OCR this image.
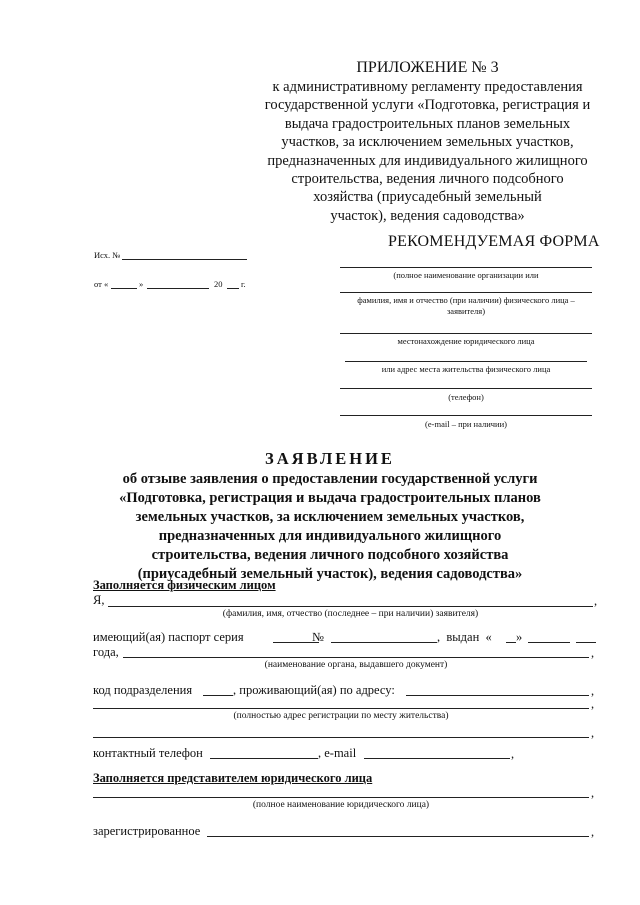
ПРИЛОЖЕНИЕ № 3
к административному регламенту предоставления
государственной услуги «Подготовка, регистрация и
выдача градостроительных планов земельных
участков, за исключением земельных участков,
предназначенных для индивидуального жилищного
строительства, ведения личного подсобного
хозяйства (приусадебный земельный
участок), ведения садоводства»
РЕКОМЕНДУЕМАЯ ФОРМА
Исх. №
от «	»	20 г.
(полное наименование организации или
фамилия, имя и отчество (при наличии) физического лица – заявителя)
местонахождение юридического лица
или адрес места жительства физического лица
(телефон)
(e-mail – при наличии)
ЗАЯВЛЕНИЕ
об отзыве заявления о предоставлении государственной услуги
«Подготовка, регистрация и выдача градостроительных планов
земельных участков, за исключением земельных участков,
предназначенных для индивидуального жилищного
строительства, ведения личного подсобного хозяйства
(приусадебный земельный участок), ведения садоводства»
Заполняется физическим лицом
Я,	,
(фамилия, имя, отчество (последнее – при наличии) заявителя)
имеющий(ая) паспорт серия	№	,  выдан  « »
года,	,
(наименование органа, выдавшего документ)
код подразделения	, проживающий(ая) по адресу:	,
,
(полностью адрес регистрации по месту жительства)
,
контактный телефон	, e-mail	,
Заполняется представителем юридического лица
,
(полное наименование юридического лица)
зарегистрированное	,
